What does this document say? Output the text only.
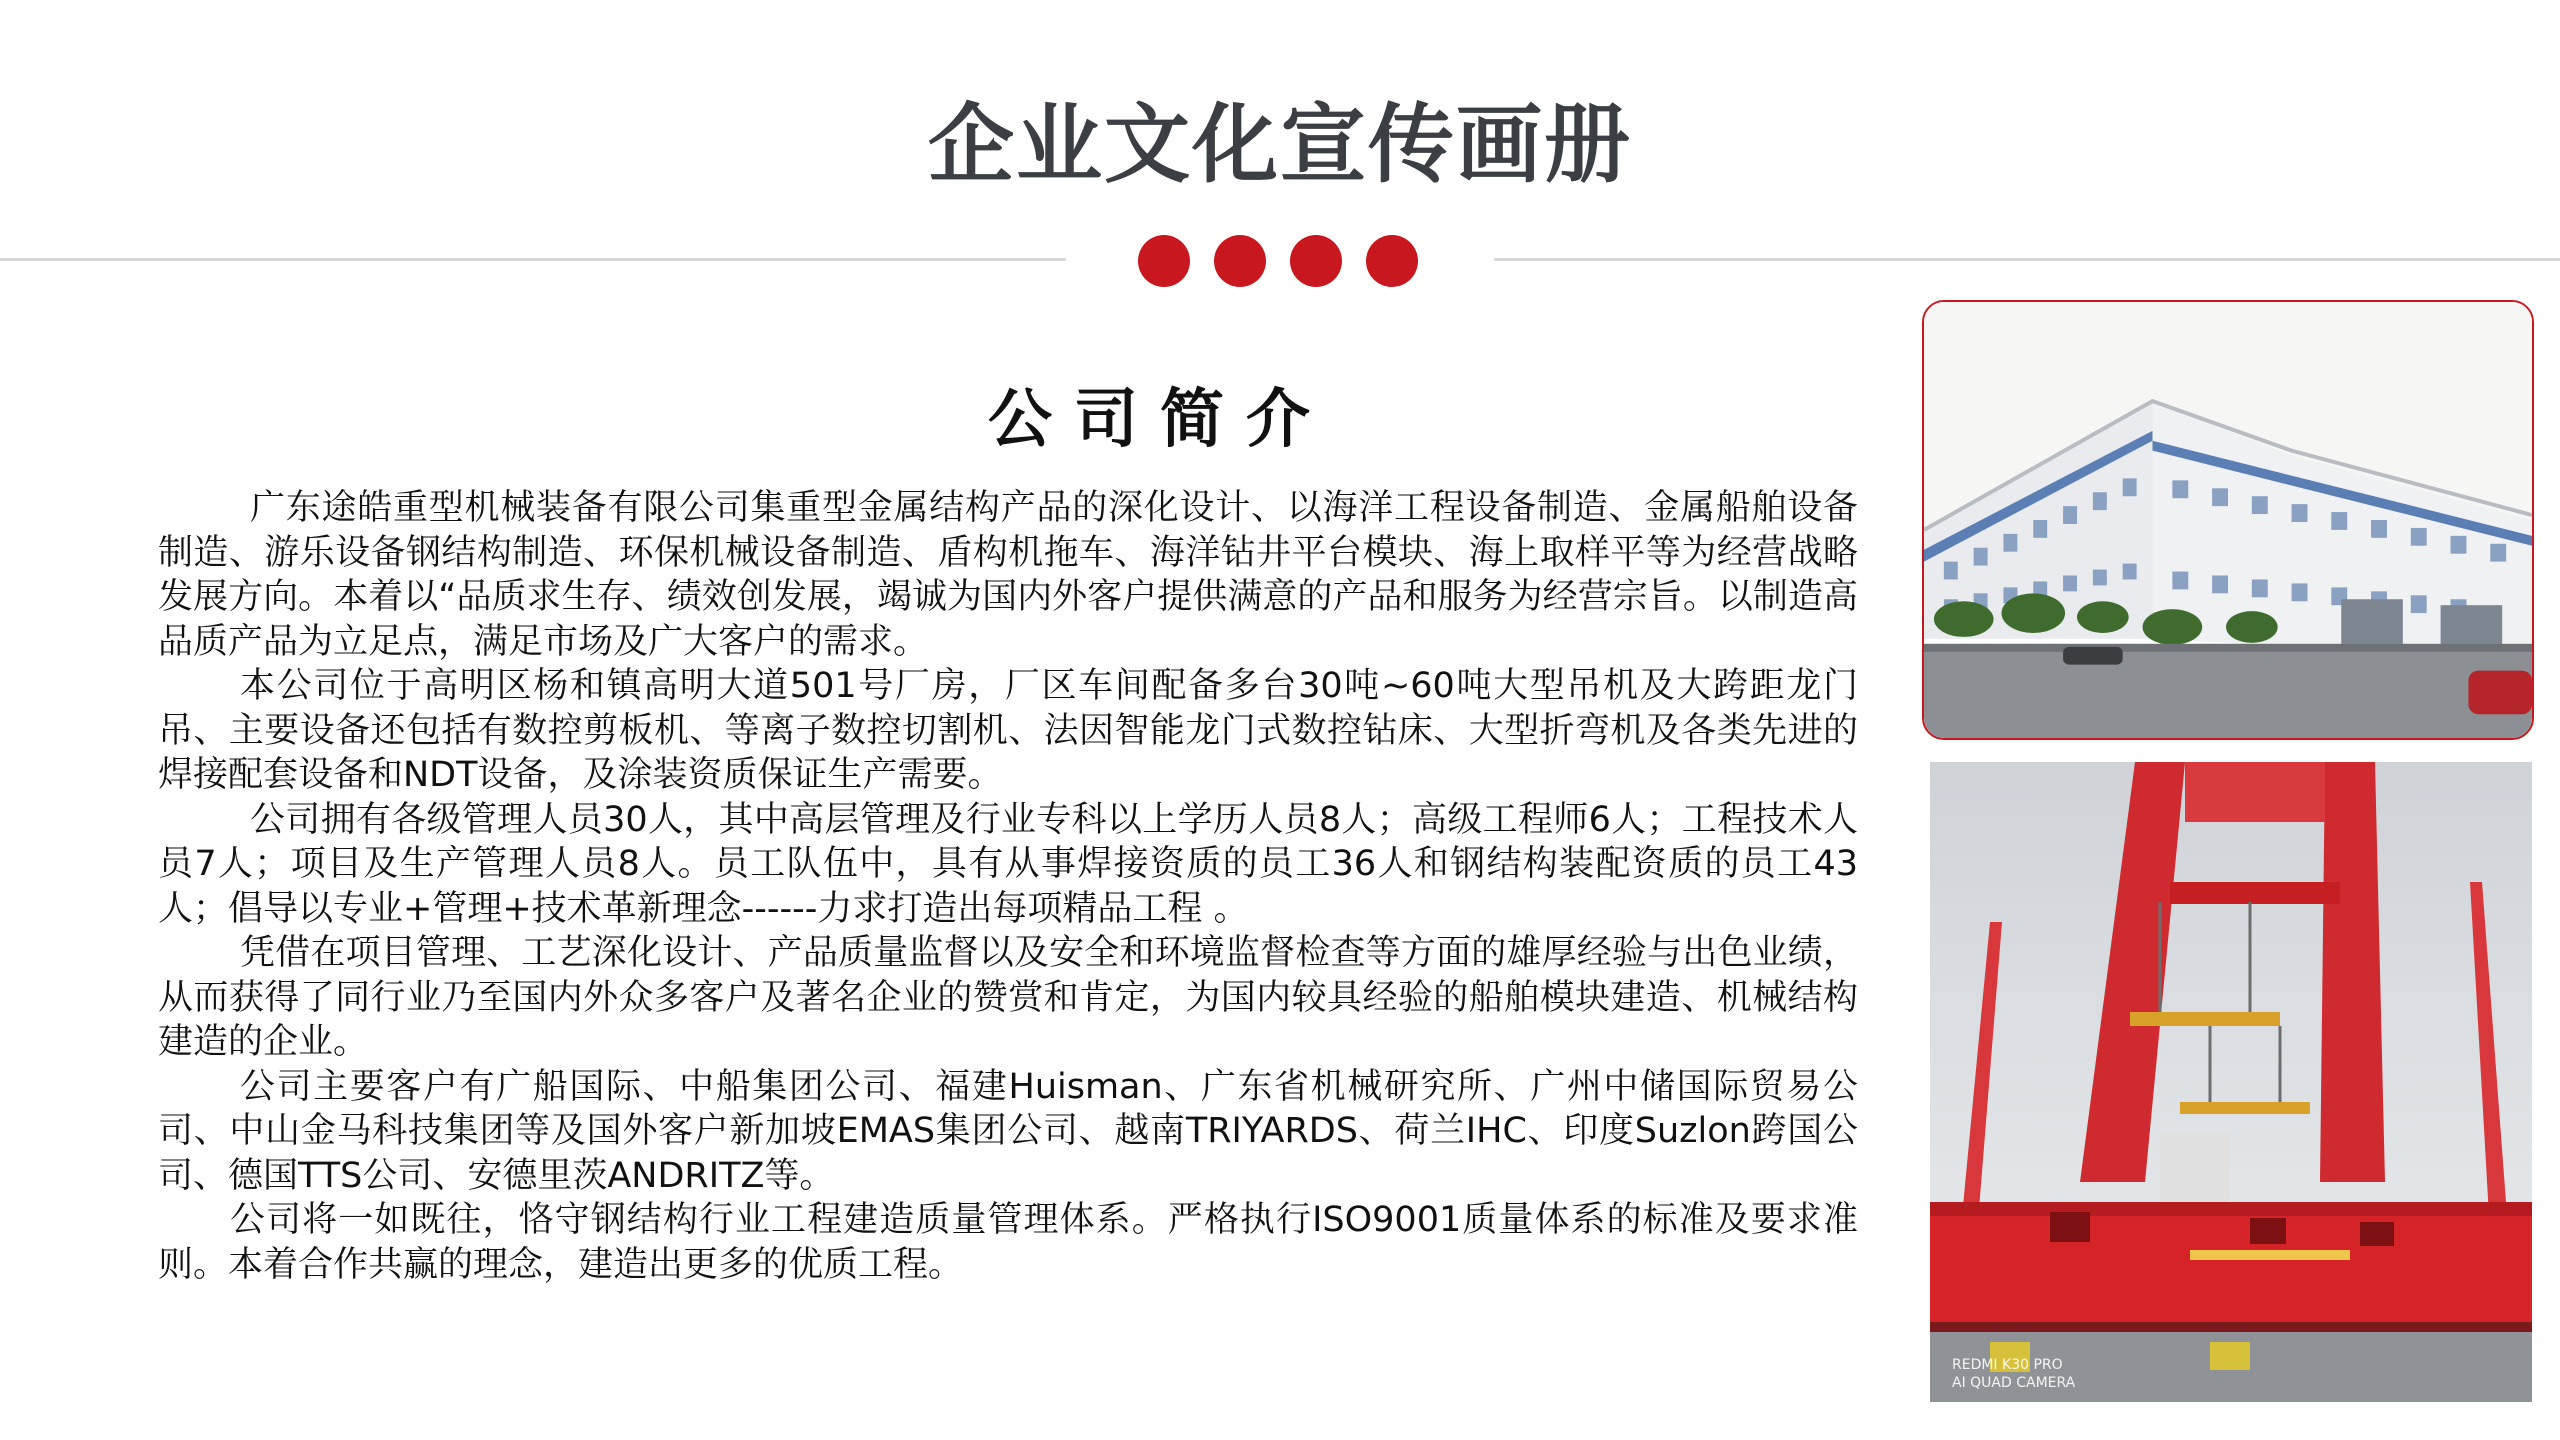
企业文化宣传画册
公司简介

广东途皓重型机械装备有限公司集重型金属结构产品的深化设计、以海洋工程设备制造、金属船舶设备制造、游乐设备钢结构制造、环保机械设备制造、盾构机拖车、海洋钻井平台模块、海上取样平等为经营战略发展方向。本着以“品质求生存、绩效创发展，竭诚为国内外客户提供满意的产品和服务为经营宗旨。以制造高品质产品为立足点，满足市场及广大客户的需求。

本公司位于高明区杨和镇高明大道501号厂房，厂区车间配备多台30吨~60吨大型吊机及大跨距龙门吊、主要设备还包括有数控剪板机、等离子数控切割机、法因智能龙门式数控钻床、大型折弯机及各类先进的焊接配套设备和NDT设备，及涂装资质保证生产需要。

公司拥有各级管理人员30人，其中高层管理及行业专科以上学历人员8人；高级工程师6人；工程技术人员7人；项目及生产管理人员8人。员工队伍中，具有从事焊接资质的员工36人和钢结构装配资质的员工43人；倡导以专业+管理+技术革新理念------力求打造出每项精品工程 。

凭借在项目管理、工艺深化设计、产品质量监督以及安全和环境监督检查等方面的雄厚经验与出色业绩，从而获得了同行业乃至国内外众多客户及著名企业的赞赏和肯定，为国内较具经验的船舶模块建造、机械结构建造的企业。

公司主要客户有广船国际、中船集团公司、福建Huisman、广东省机械研究所、广州中储国际贸易公司、中山金马科技集团等及国外客户新加坡EMAS集团公司、越南TRIYARDS、荷兰IHC、印度Suzlon跨国公司、德国TTS公司、安德里茨ANDRITZ等。

公司将一如既往，恪守钢结构行业工程建造质量管理体系。严格执行ISO9001质量体系的标准及要求准则。本着合作共赢的理念，建造出更多的优质工程。

REDMI K30 PRO
AI QUAD CAMERA
